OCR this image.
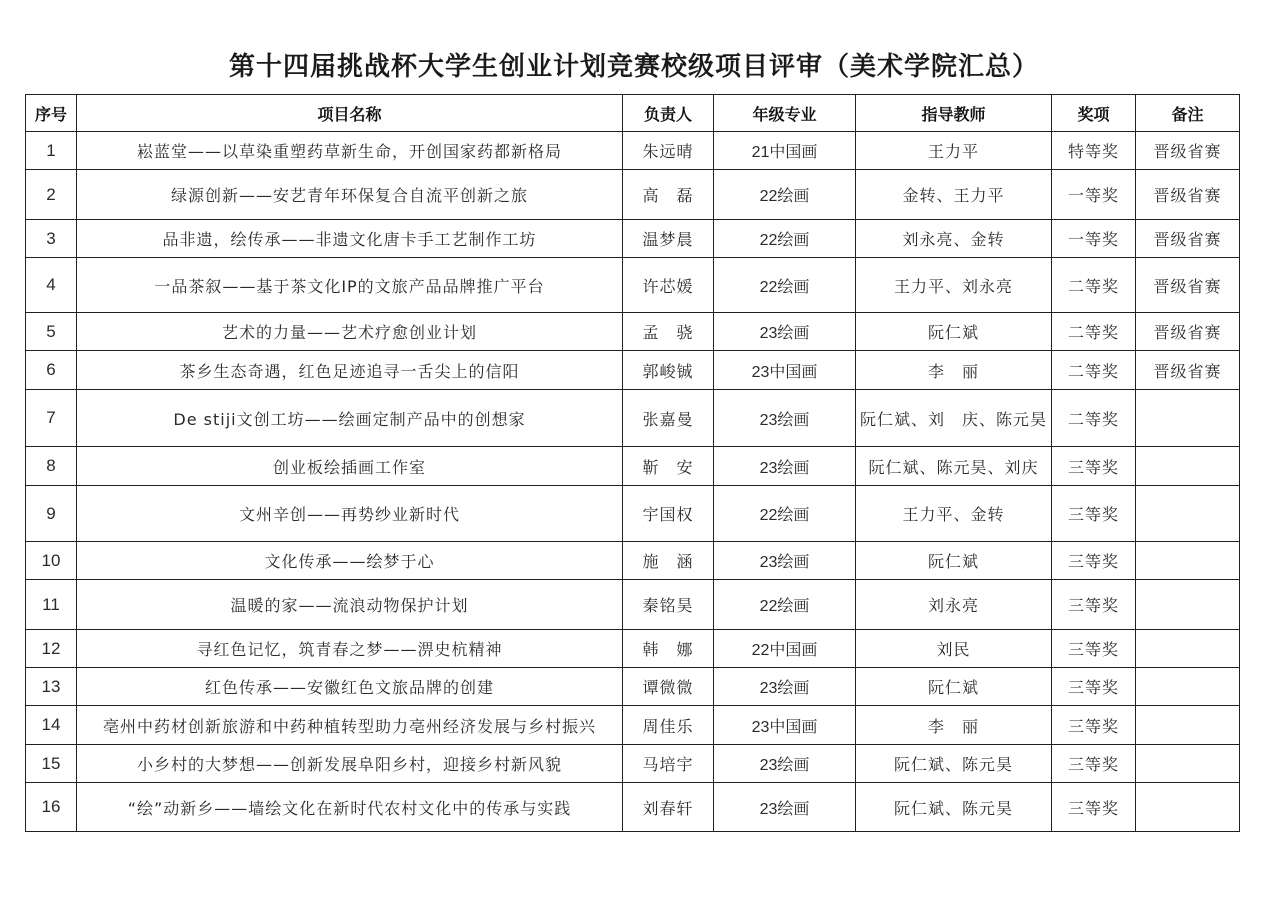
第十四届挑战杯大学生创业计划竞赛校级项目评审（美术学院汇总）
序号	项目名称	负责人	年级专业	指导教师	奖项	备注
1	崧蓝堂——以草染重塑药草新生命，开创国家药都新格局	朱远晴	21中国画	王力平	特等奖	晋级省赛
2	绿源创新——安艺青年环保复合自流平创新之旅	高　磊	22绘画	金转、王力平	一等奖	晋级省赛
3	品非遗，绘传承——非遗文化唐卡手工艺制作工坊	温梦晨	22绘画	刘永亮、金转	一等奖	晋级省赛
4	一品茶叙——基于茶文化IP的文旅产品品牌推广平台	许芯媛	22绘画	王力平、刘永亮	二等奖	晋级省赛
5	艺术的力量——艺术疗愈创业计划	孟　骁	23绘画	阮仁斌	二等奖	晋级省赛
6	茶乡生态奇遇，红色足迹追寻一舌尖上的信阳	郭峻铖	23中国画	李　丽	二等奖	晋级省赛
7	De stiji文创工坊——绘画定制产品中的创想家	张嘉曼	23绘画	阮仁斌、刘　庆、陈元昊	二等奖	
8	创业板绘插画工作室	靳　安	23绘画	阮仁斌、陈元昊、刘庆	三等奖	
9	文州辛创——再势纱业新时代	宇国权	22绘画	王力平、金转	三等奖	
10	文化传承——绘梦于心	施　涵	23绘画	阮仁斌	三等奖	
11	温暖的家——流浪动物保护计划	秦铭昊	22绘画	刘永亮	三等奖	
12	寻红色记忆，筑青春之梦——淠史杭精神	韩　娜	22中国画	刘民	三等奖	
13	红色传承——安徽红色文旅品牌的创建	谭微微	23绘画	阮仁斌	三等奖	
14	亳州中药材创新旅游和中药种植转型助力亳州经济发展与乡村振兴	周佳乐	23中国画	李　丽	三等奖	
15	小乡村的大梦想——创新发展阜阳乡村，迎接乡村新风貌	马培宇	23绘画	阮仁斌、陈元昊	三等奖	
16	“绘”动新乡——墙绘文化在新时代农村文化中的传承与实践	刘春轩	23绘画	阮仁斌、陈元昊	三等奖	
